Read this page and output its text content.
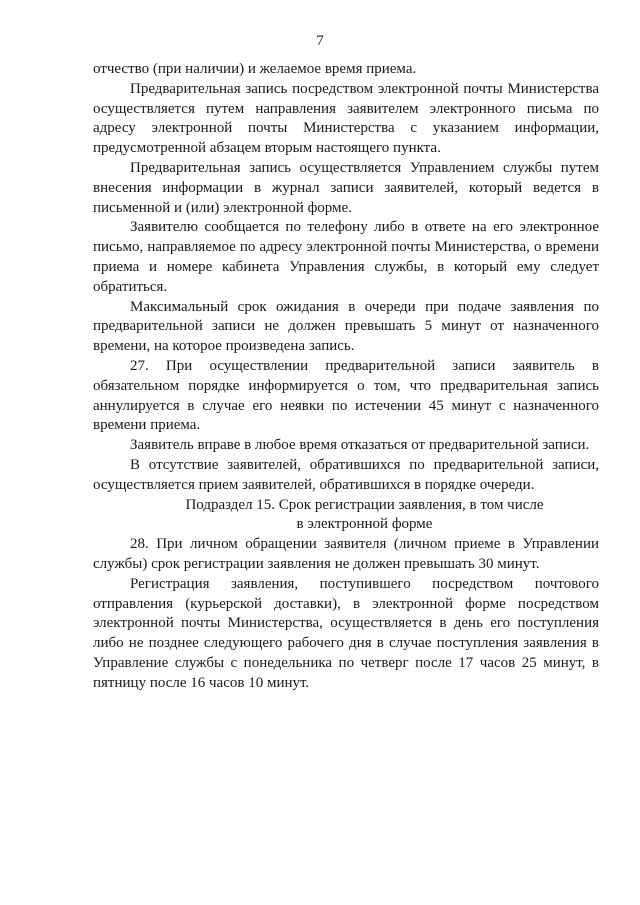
7

отчество (при наличии) и желаемое время приема.

Предварительная запись посредством электронной почты Министерства осуществляется путем направления заявителем электронного письма по адресу электронной почты Министерства с указанием информации, предусмотренной абзацем вторым настоящего пункта.

Предварительная запись осуществляется Управлением службы путем внесения информации в журнал записи заявителей, который ведется в письменной и (или) электронной форме.

Заявителю сообщается по телефону либо в ответе на его электронное письмо, направляемое по адресу электронной почты Министерства, о времени приема и номере кабинета Управления службы, в который ему следует обратиться.

Максимальный срок ожидания в очереди при подаче заявления по предварительной записи не должен превышать 5 минут от назначенного времени, на которое произведена запись.

27. При осуществлении предварительной записи заявитель в обязательном порядке информируется о том, что предварительная запись аннулируется в случае его неявки по истечении 45 минут с назначенного времени приема.

Заявитель вправе в любое время отказаться от предварительной записи.

В отсутствие заявителей, обратившихся по предварительной записи, осуществляется прием заявителей, обратившихся в порядке очереди.

Подраздел 15. Срок регистрации заявления, в том числе
в электронной форме

28. При личном обращении заявителя (личном приеме в Управлении службы) срок регистрации заявления не должен превышать 30 минут.

Регистрация заявления, поступившего посредством почтового отправления (курьерской доставки), в электронной форме посредством электронной почты Министерства, осуществляется в день его поступления либо не позднее следующего рабочего дня в случае поступления заявления в Управление службы с понедельника по четверг после 17 часов 25 минут, в пятницу после 16 часов 10 минут.
